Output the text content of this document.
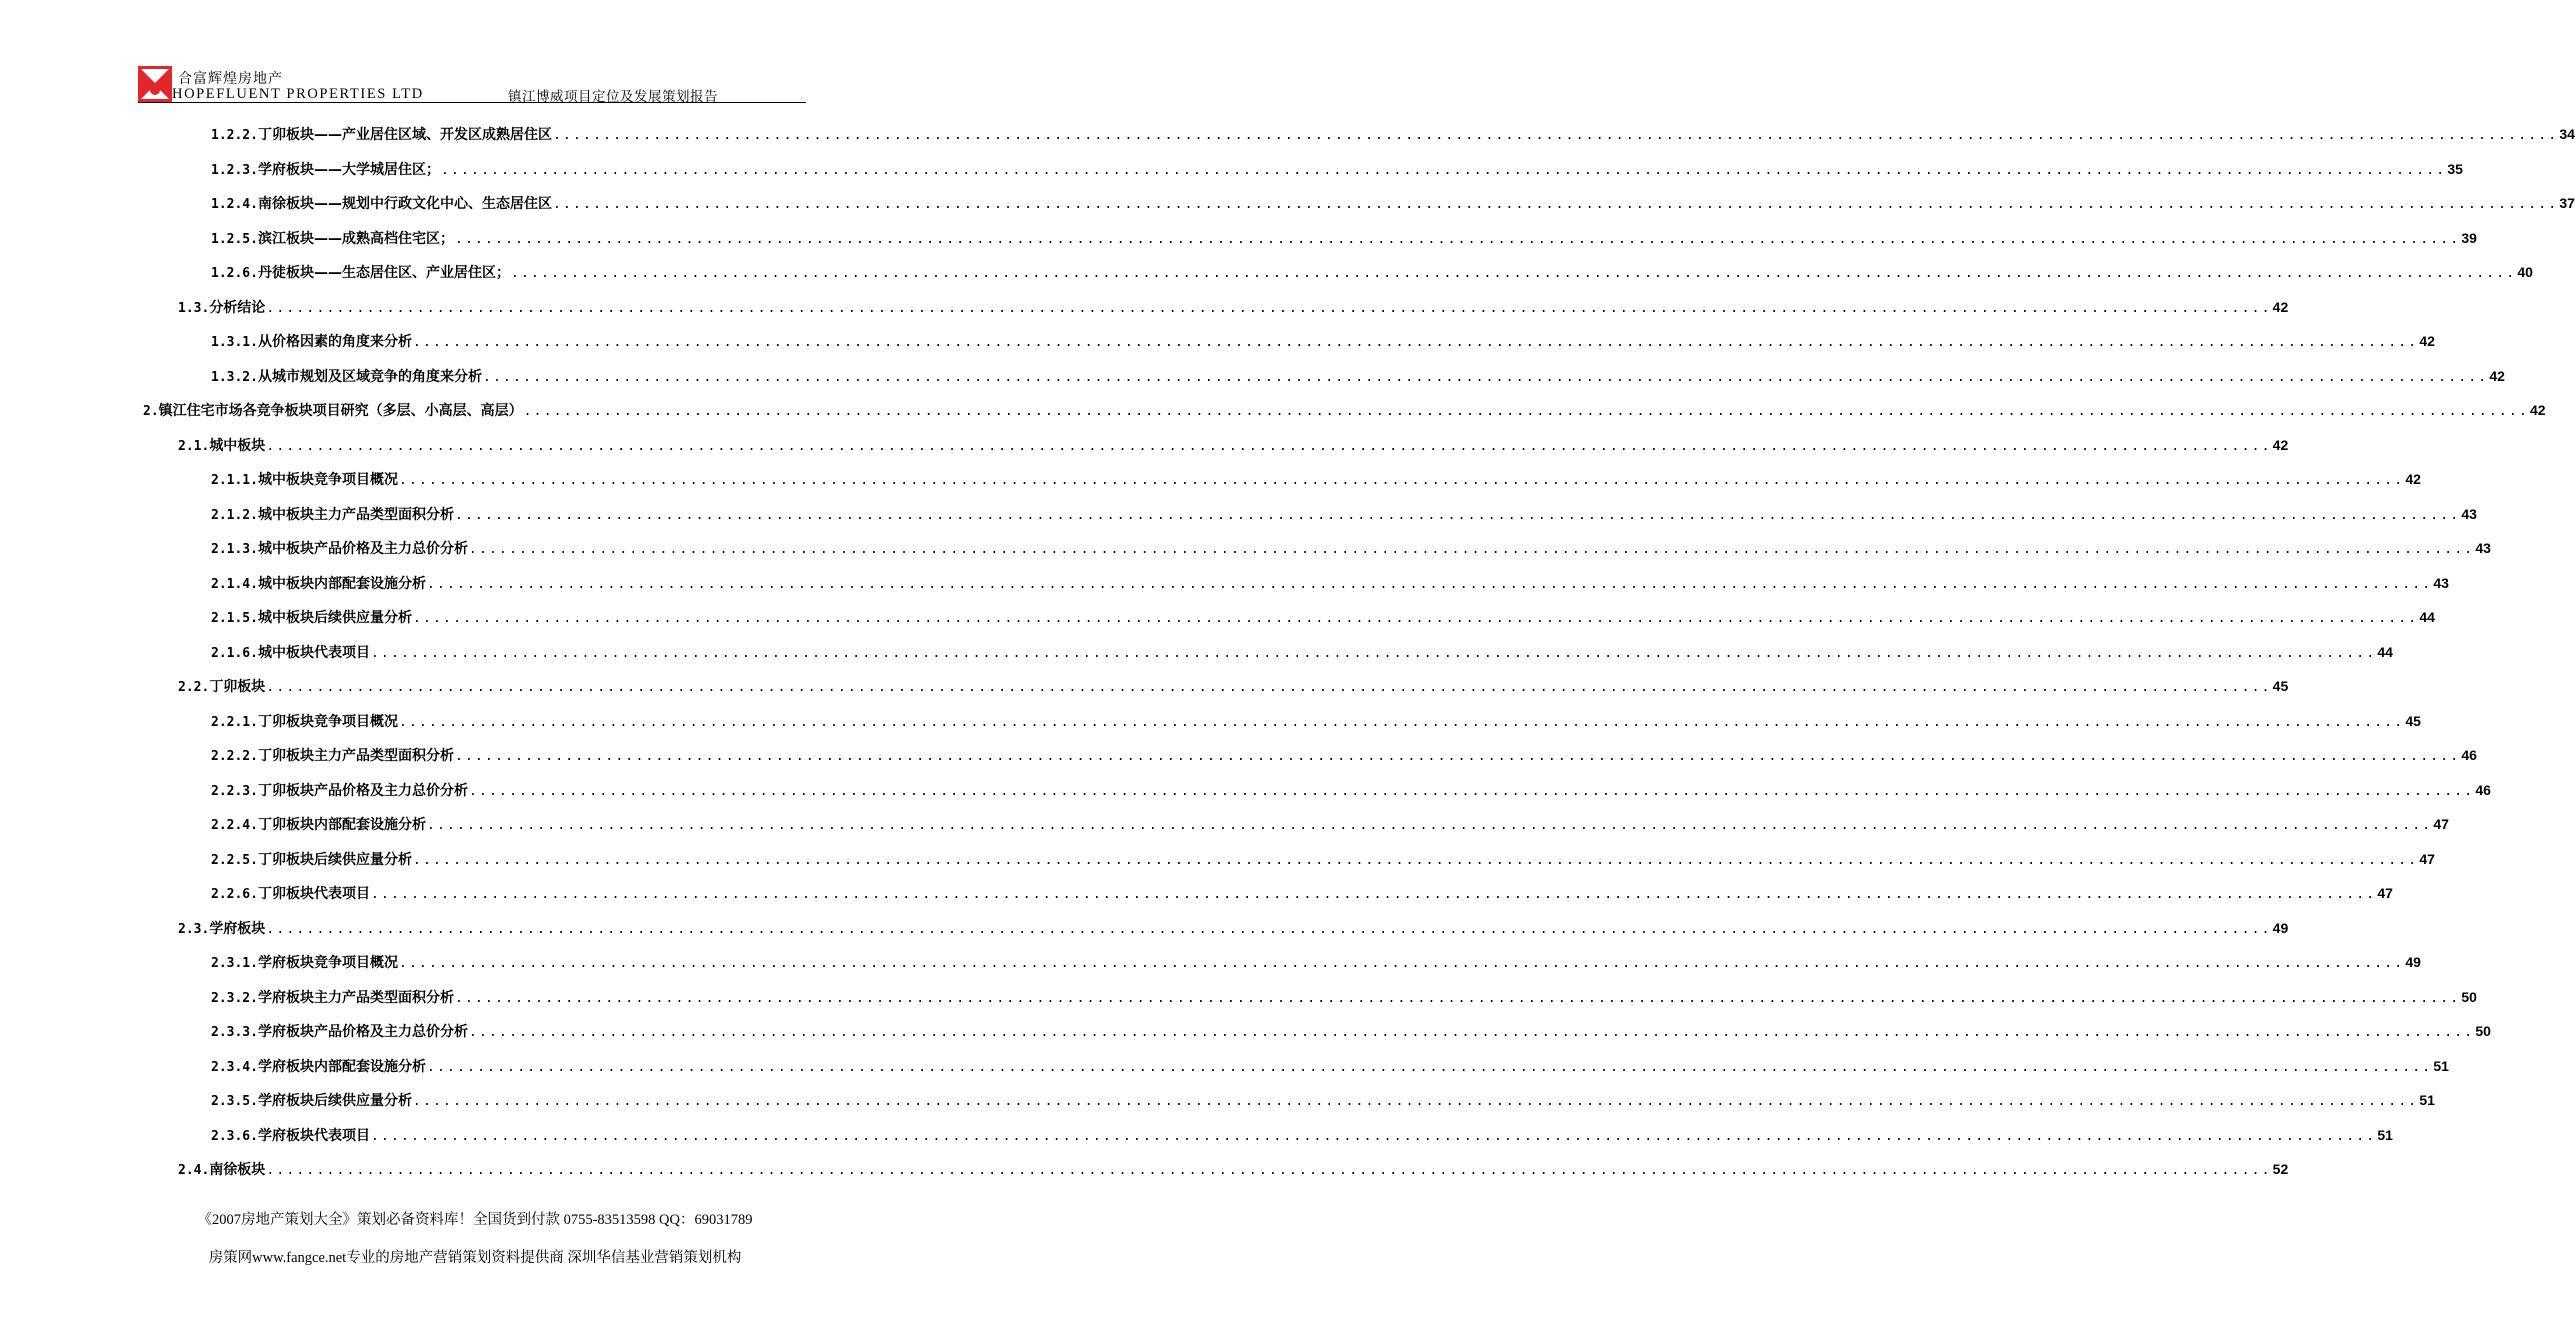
合富辉煌房地产
HOPEFLUENT PROPERTIES LTD	镇江博威项目定位及发展策划报告
1.2.2. 丁卯板块——产业居住区域、开发区成熟居住区 ........................................................................................................................................................................................................ 34
1.2.3. 学府板块——大学城居住区； ........................................................................................................................................................................................................ 35
1.2.4. 南徐板块——规划中行政文化中心、生态居住区 ........................................................................................................................................................................................................ 37
1.2.5. 滨江板块——成熟高档住宅区； ........................................................................................................................................................................................................ 39
1.2.6. 丹徒板块——生态居住区、产业居住区； ........................................................................................................................................................................................................ 40
1.3. 分析结论 ........................................................................................................................................................................................................ 42
1.3.1. 从价格因素的角度来分析 ........................................................................................................................................................................................................ 42
1.3.2. 从城市规划及区域竞争的角度来分析 ........................................................................................................................................................................................................ 42
2. 镇江住宅市场各竞争板块项目研究（多层、小高层、高层） ........................................................................................................................................................................................................ 42
2.1. 城中板块 ........................................................................................................................................................................................................ 42
2.1.1. 城中板块竞争项目概况 ........................................................................................................................................................................................................ 42
2.1.2. 城中板块主力产品类型面积分析 ........................................................................................................................................................................................................ 43
2.1.3. 城中板块产品价格及主力总价分析 ........................................................................................................................................................................................................ 43
2.1.4. 城中板块内部配套设施分析 ........................................................................................................................................................................................................ 43
2.1.5. 城中板块后续供应量分析 ........................................................................................................................................................................................................ 44
2.1.6. 城中板块代表项目 ........................................................................................................................................................................................................ 44
2.2. 丁卯板块 ........................................................................................................................................................................................................ 45
2.2.1. 丁卯板块竞争项目概况 ........................................................................................................................................................................................................ 45
2.2.2. 丁卯板块主力产品类型面积分析 ........................................................................................................................................................................................................ 46
2.2.3. 丁卯板块产品价格及主力总价分析 ........................................................................................................................................................................................................ 46
2.2.4. 丁卯板块内部配套设施分析 ........................................................................................................................................................................................................ 47
2.2.5. 丁卯板块后续供应量分析 ........................................................................................................................................................................................................ 47
2.2.6. 丁卯板块代表项目 ........................................................................................................................................................................................................ 47
2.3. 学府板块 ........................................................................................................................................................................................................ 49
2.3.1. 学府板块竞争项目概况 ........................................................................................................................................................................................................ 49
2.3.2. 学府板块主力产品类型面积分析 ........................................................................................................................................................................................................ 50
2.3.3. 学府板块产品价格及主力总价分析 ........................................................................................................................................................................................................ 50
2.3.4. 学府板块内部配套设施分析 ........................................................................................................................................................................................................ 51
2.3.5. 学府板块后续供应量分析 ........................................................................................................................................................................................................ 51
2.3.6. 学府板块代表项目 ........................................................................................................................................................................................................ 51
2.4. 南徐板块 ........................................................................................................................................................................................................ 52
《2007房地产策划大全》策划必备资料库！全国货到付款 0755-83513598 QQ：69031789
房策网www.fangce.net专业的房地产营销策划资料提供商 深圳华信基业营销策划机构
